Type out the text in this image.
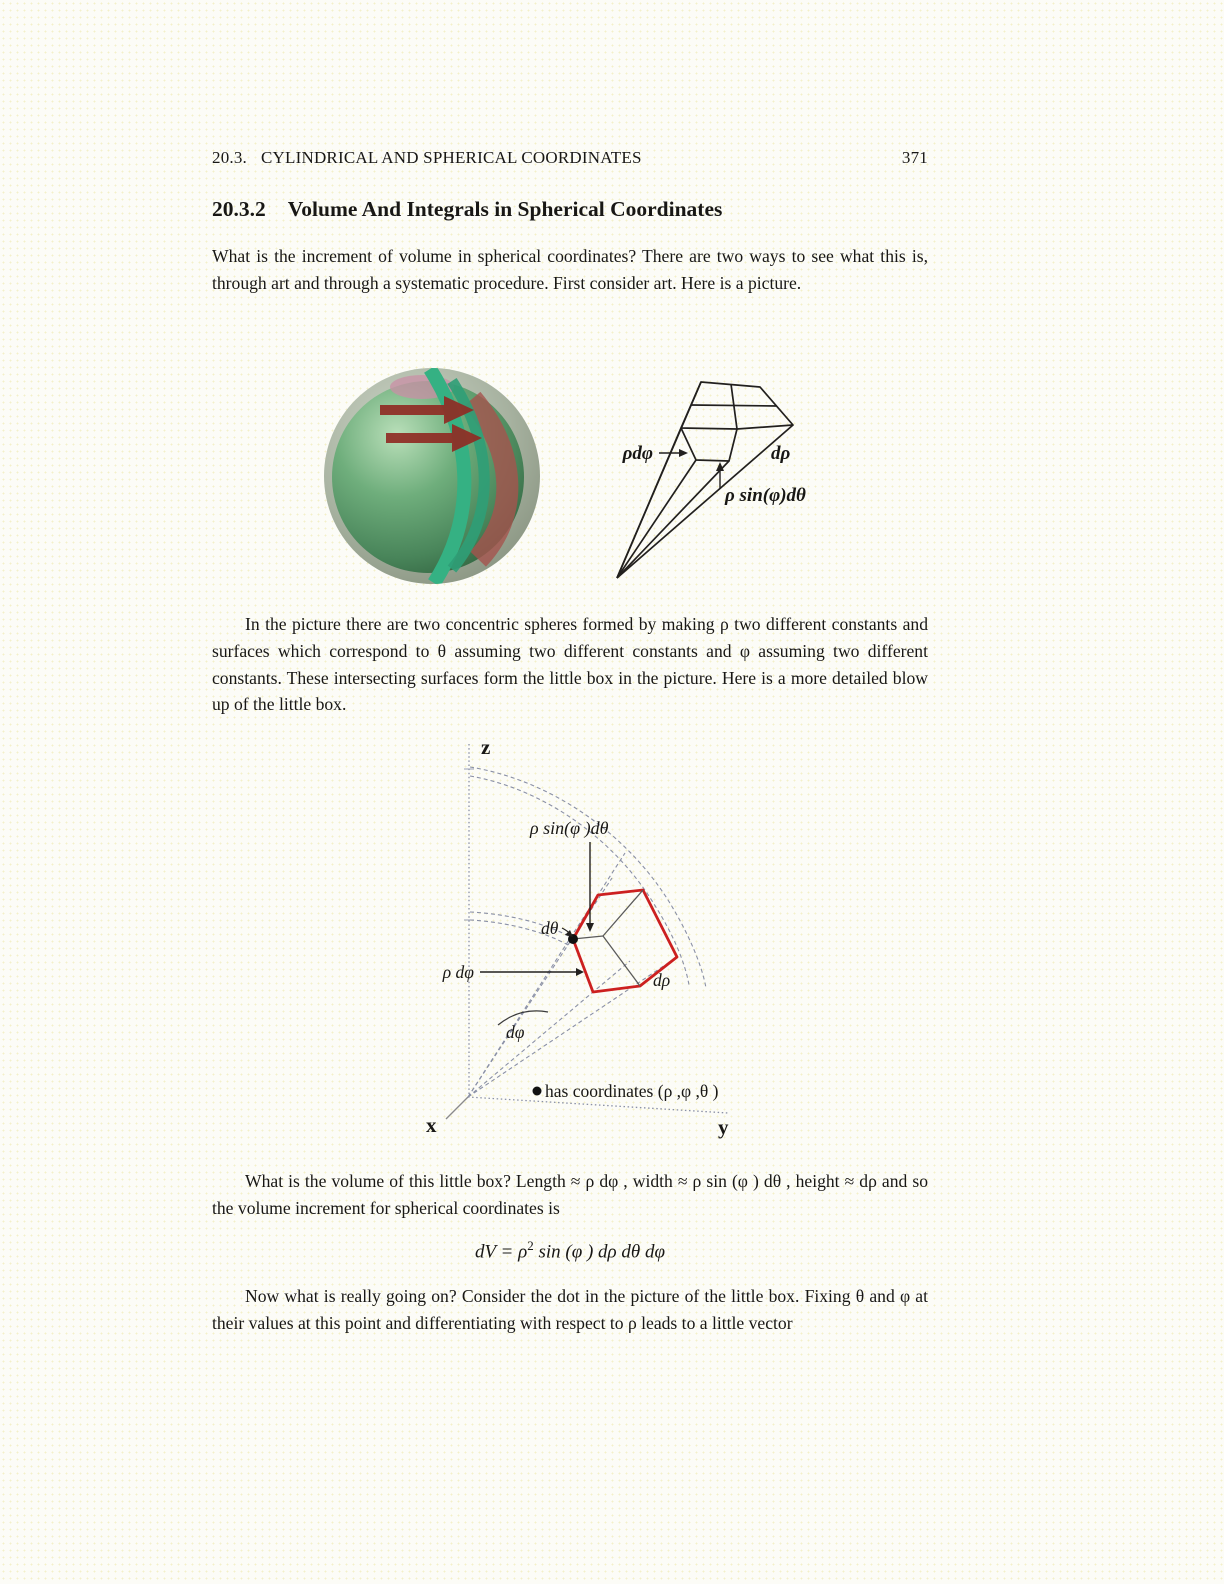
20.3. CYLINDRICAL AND SPHERICAL COORDINATES	371
20.3.2 Volume And Integrals in Spherical Coordinates

What is the increment of volume in spherical coordinates? There are two ways to see what this is, through art and through a systematic procedure. First consider art. Here is a picture.

ρdφ	dρ
ρ sin(φ)dθ

In the picture there are two concentric spheres formed by making ρ two different constants and surfaces which correspond to θ assuming two different constants and φ assuming two different constants. These intersecting surfaces form the little box in the picture. Here is a more detailed blow up of the little box.

z
x	y
ρ sin(φ )dθ
dθ
ρ dφ	dρ
dφ
has coordinates (ρ ,φ ,θ )

What is the volume of this little box? Length ≈ ρ dφ , width ≈ ρ sin (φ ) dθ , height ≈ dρ and so the volume increment for spherical coordinates is

dV = $\rho^2$ sin (φ ) dρ dθ dφ

Now what is really going on? Consider the dot in the picture of the little box. Fixing θ and φ at their values at this point and differentiating with respect to ρ leads to a little vector
